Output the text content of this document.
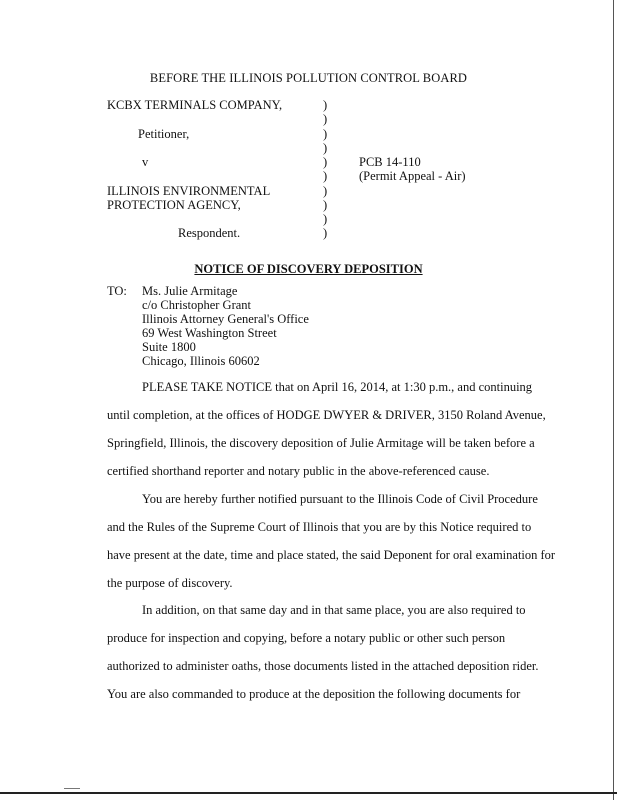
BEFORE THE ILLINOIS POLLUTION CONTROL BOARD
KCBX TERMINALS COMPANY,
Petitioner,
v
ILLINOIS ENVIRONMENTAL
PROTECTION AGENCY,
Respondent.
)
)
)
)
)
)
)
)
)
)
PCB 14-110
(Permit Appeal - Air)
NOTICE OF DISCOVERY DEPOSITION
TO: Ms. Julie Armitage
c/o Christopher Grant
Illinois Attorney General's Office
69 West Washington Street
Suite 1800
Chicago, Illinois 60602
PLEASE TAKE NOTICE that on April 16, 2014, at 1:30 p.m., and continuing
until completion, at the offices of HODGE DWYER & DRIVER, 3150 Roland Avenue,
Springfield, Illinois, the discovery deposition of Julie Armitage will be taken before a
certified shorthand reporter and notary public in the above-referenced cause.
You are hereby further notified pursuant to the Illinois Code of Civil Procedure
and the Rules of the Supreme Court of Illinois that you are by this Notice required to
have present at the date, time and place stated, the said Deponent for oral examination for
the purpose of discovery.
In addition, on that same day and in that same place, you are also required to
produce for inspection and copying, before a notary public or other such person
authorized to administer oaths, those documents listed in the attached deposition rider.
You are also commanded to produce at the deposition the following documents for
